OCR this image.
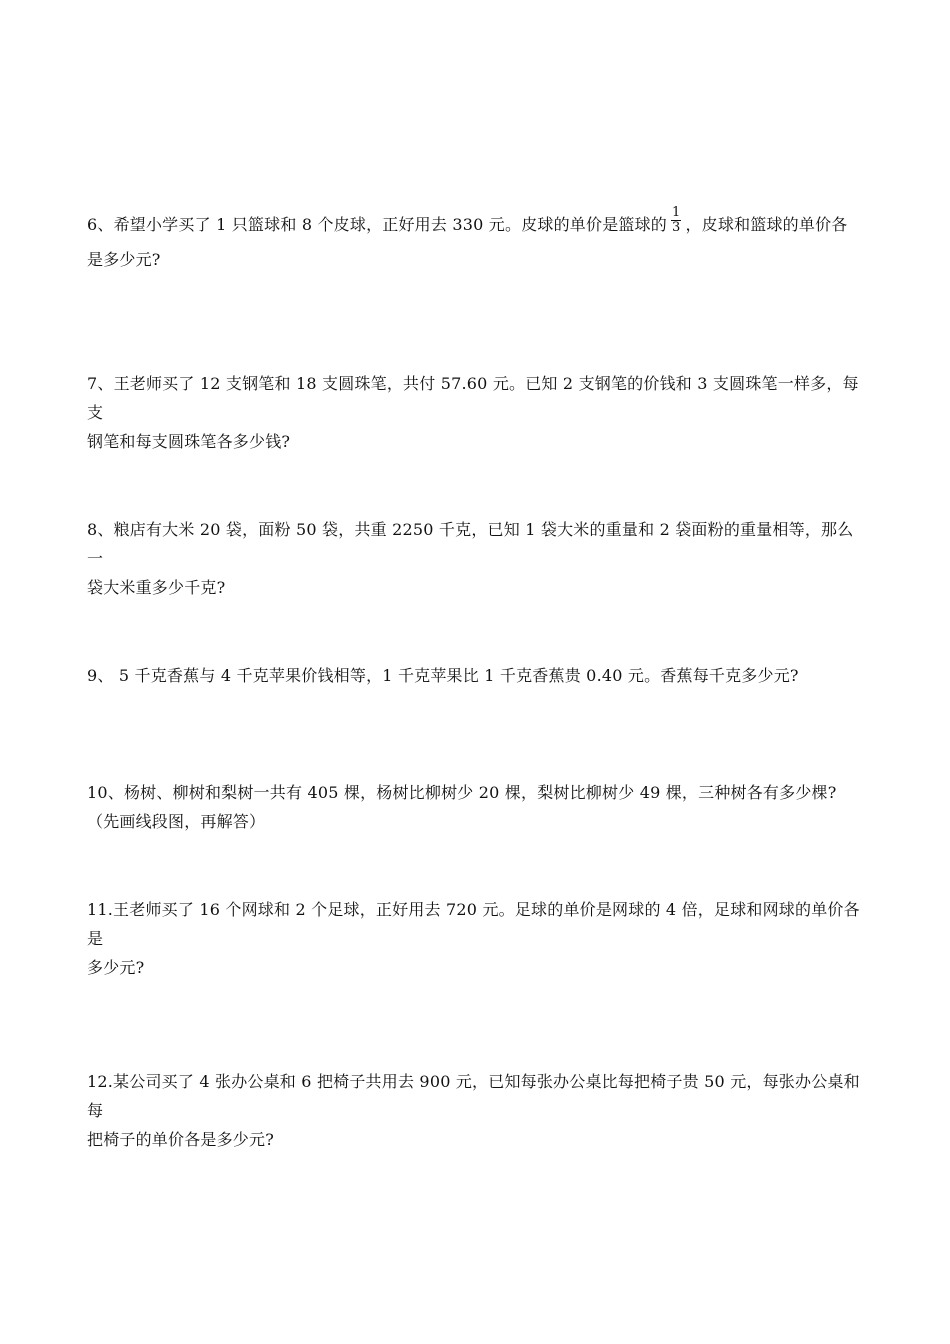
6、希望小学买了 1 只篮球和 8 个皮球，正好用去 330 元。皮球的单价是篮球的 $\frac{1}{3}$ ，皮球和篮球的单价各
是多少元?
7、王老师买了 12 支钢笔和 18 支圆珠笔，共付 57.60 元。已知 2 支钢笔的价钱和 3 支圆珠笔一样多，每支
钢笔和每支圆珠笔各多少钱?
8、粮店有大米 20 袋，面粉 50 袋，共重 2250 千克，已知 1 袋大米的重量和 2 袋面粉的重量相等，那么一
袋大米重多少千克?
9、 5 千克香蕉与 4 千克苹果价钱相等，1 千克苹果比 1 千克香蕉贵 0.40 元。香蕉每千克多少元?
10、杨树、柳树和梨树一共有 405 棵，杨树比柳树少 20 棵，梨树比柳树少 49 棵，三种树各有多少棵?
（先画线段图，再解答）
11.王老师买了 16 个网球和 2 个足球，正好用去 720 元。足球的单价是网球的 4 倍，足球和网球的单价各是
多少元?
12.某公司买了 4 张办公桌和 6 把椅子共用去 900 元，已知每张办公桌比每把椅子贵 50 元，每张办公桌和每
把椅子的单价各是多少元?
